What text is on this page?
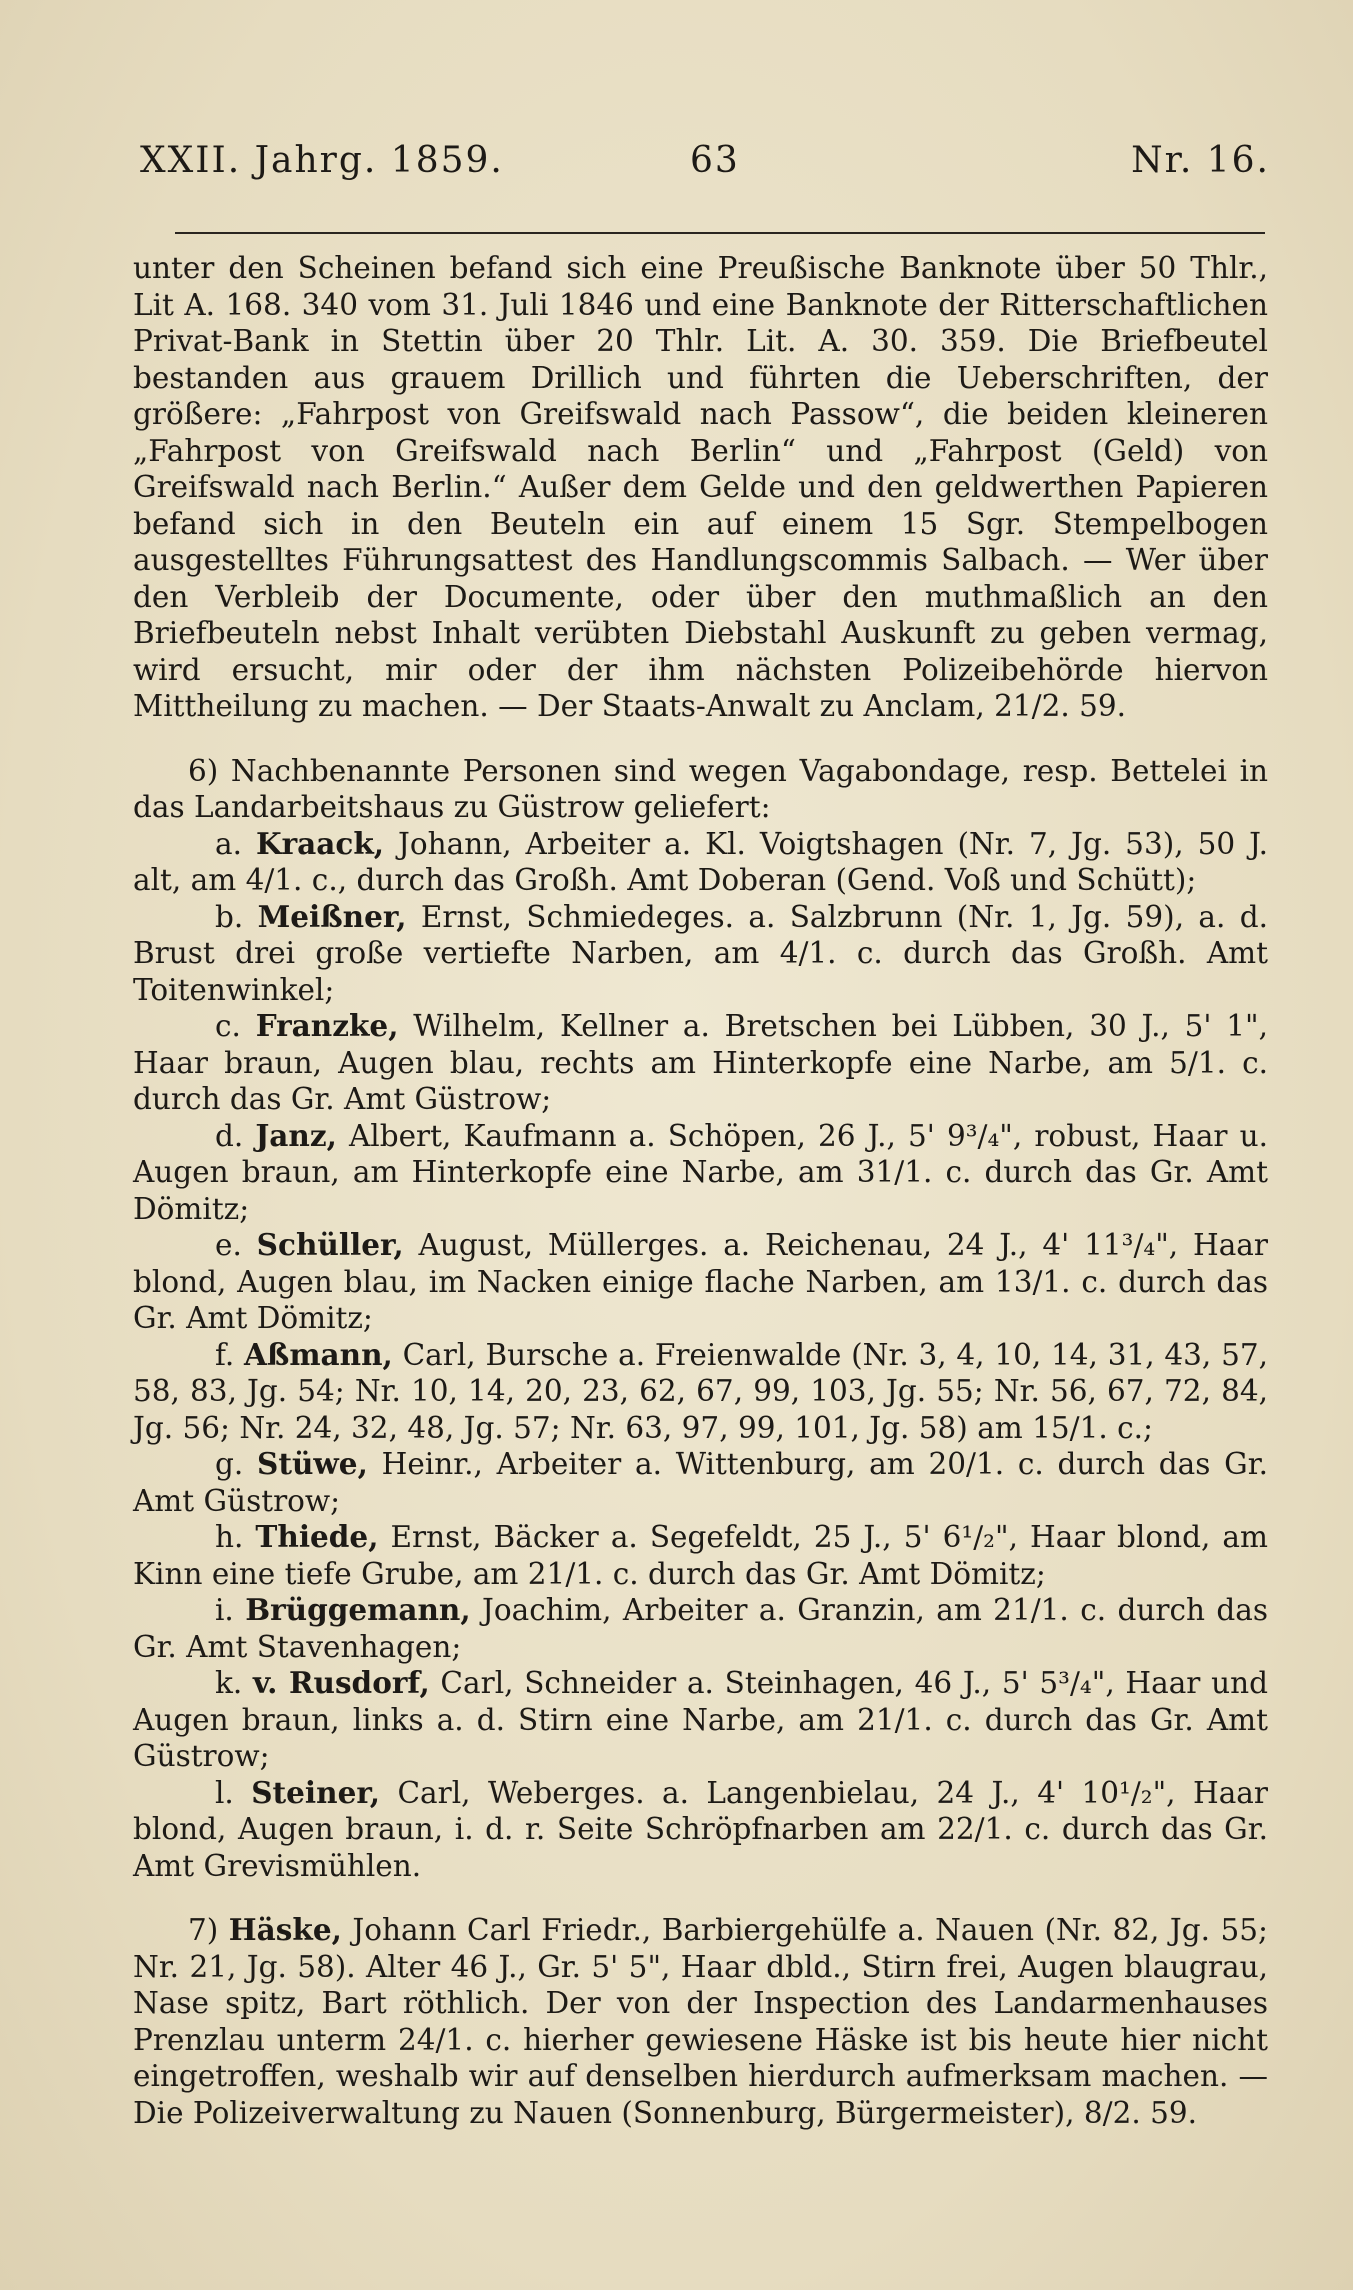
XXII. Jahrg. 1859.	63	Nr. 16.

unter den Scheinen befand sich eine Preußische Banknote über 50 Thlr., Lit A. 168. 340 vom 31. Juli 1846 und eine Banknote der Ritterschaftlichen Privat-Bank in Stettin über 20 Thlr. Lit. A. 30. 359. Die Briefbeutel bestanden aus grauem Drillich und führten die Ueberschriften, der größere: „Fahrpost von Greifswald nach Passow“, die beiden kleineren „Fahrpost von Greifswald nach Berlin“ und „Fahrpost (Geld) von Greifswald nach Berlin.“ Außer dem Gelde und den geldwerthen Papieren befand sich in den Beuteln ein auf einem 15 Sgr. Stempelbogen ausgestelltes Führungsattest des Handlungscommis Salbach. — Wer über den Verbleib der Documente, oder über den muthmaßlich an den Briefbeuteln nebst Inhalt verübten Diebstahl Auskunft zu geben vermag, wird ersucht, mir oder der ihm nächsten Polizeibehörde hiervon Mittheilung zu machen. — Der Staats-Anwalt zu Anclam, 21/2. 59.

6) Nachbenannte Personen sind wegen Vagabondage, resp. Bettelei in das Landarbeitshaus zu Güstrow geliefert:

a. Kraack, Johann, Arbeiter a. Kl. Voigtshagen (Nr. 7, Jg. 53), 50 J. alt, am 4/1. c., durch das Großh. Amt Doberan (Gend. Voß und Schütt);

b. Meißner, Ernst, Schmiedeges. a. Salzbrunn (Nr. 1, Jg. 59), a. d. Brust drei große vertiefte Narben, am 4/1. c. durch das Großh. Amt Toitenwinkel;

c. Franzke, Wilhelm, Kellner a. Bretschen bei Lübben, 30 J., 5' 1", Haar braun, Augen blau, rechts am Hinterkopfe eine Narbe, am 5/1. c. durch das Gr. Amt Güstrow;

d. Janz, Albert, Kaufmann a. Schöpen, 26 J., 5' 9³/₄", robust, Haar u. Augen braun, am Hinterkopfe eine Narbe, am 31/1. c. durch das Gr. Amt Dömitz;

e. Schüller, August, Müllerges. a. Reichenau, 24 J., 4' 11³/₄", Haar blond, Augen blau, im Nacken einige flache Narben, am 13/1. c. durch das Gr. Amt Dömitz;

f. Aßmann, Carl, Bursche a. Freienwalde (Nr. 3, 4, 10, 14, 31, 43, 57, 58, 83, Jg. 54; Nr. 10, 14, 20, 23, 62, 67, 99, 103, Jg. 55; Nr. 56, 67, 72, 84, Jg. 56; Nr. 24, 32, 48, Jg. 57; Nr. 63, 97, 99, 101, Jg. 58) am 15/1. c.;

g. Stüwe, Heinr., Arbeiter a. Wittenburg, am 20/1. c. durch das Gr. Amt Güstrow;

h. Thiede, Ernst, Bäcker a. Segefeldt, 25 J., 5' 6¹/₂", Haar blond, am Kinn eine tiefe Grube, am 21/1. c. durch das Gr. Amt Dömitz;

i. Brüggemann, Joachim, Arbeiter a. Granzin, am 21/1. c. durch das Gr. Amt Stavenhagen;

k. v. Rusdorf, Carl, Schneider a. Steinhagen, 46 J., 5' 5³/₄", Haar und Augen braun, links a. d. Stirn eine Narbe, am 21/1. c. durch das Gr. Amt Güstrow;

l. Steiner, Carl, Weberges. a. Langenbielau, 24 J., 4' 10¹/₂", Haar blond, Augen braun, i. d. r. Seite Schröpfnarben am 22/1. c. durch das Gr. Amt Grevismühlen.

7) Häske, Johann Carl Friedr., Barbiergehülfe a. Nauen (Nr. 82, Jg. 55; Nr. 21, Jg. 58). Alter 46 J., Gr. 5' 5", Haar dbld., Stirn frei, Augen blaugrau, Nase spitz, Bart röthlich. Der von der Inspection des Landarmenhauses Prenzlau unterm 24/1. c. hierher gewiesene Häske ist bis heute hier nicht eingetroffen, weshalb wir auf denselben hierdurch aufmerksam machen. — Die Polizeiverwaltung zu Nauen (Sonnenburg, Bürgermeister), 8/2. 59.
